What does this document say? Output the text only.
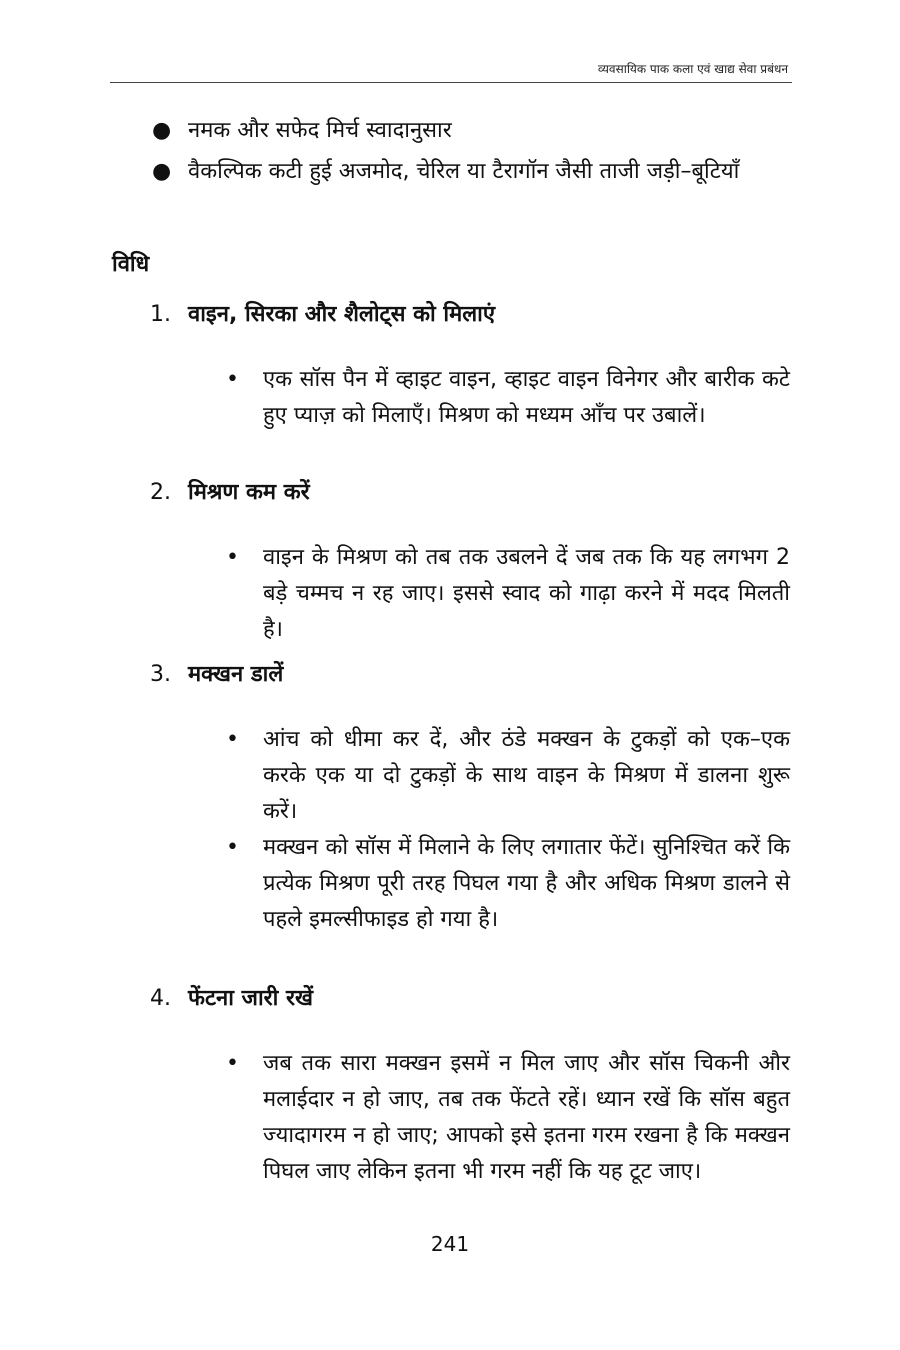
व्यवसायिक पाक कला एवं खाद्य सेवा प्रबंधन
● नमक और सफेद मिर्च स्वादानुसार
● वैकल्पिक कटी हुई अजमोद, चेरिल या टैरागॉन जैसी ताजी जड़ी–बूटियाँ
विधि
1. वाइन, सिरका और शैलोट्स को मिलाएं
• एक सॉस पैन में व्हाइट वाइन, व्हाइट वाइन विनेगर और बारीक कटे हुए प्याज़ को मिलाएँ। मिश्रण को मध्यम आँच पर उबालें।
2. मिश्रण कम करें
• वाइन के मिश्रण को तब तक उबलने दें जब तक कि यह लगभग 2 बड़े चम्मच न रह जाए। इससे स्वाद को गाढ़ा करने में मदद मिलती है।
3. मक्खन डालें
• आंच को धीमा कर दें, और ठंडे मक्खन के टुकड़ों को एक–एक करके एक या दो टुकड़ों के साथ वाइन के मिश्रण में डालना शुरू करें।
• मक्खन को सॉस में मिलाने के लिए लगातार फेंटें। सुनिश्चित करें कि प्रत्येक मिश्रण पूरी तरह पिघल गया है और अधिक मिश्रण डालने से पहले इमल्सीफाइड हो गया है।
4. फेंटना जारी रखें
• जब तक सारा मक्खन इसमें न मिल जाए और सॉस चिकनी और मलाईदार न हो जाए, तब तक फेंटते रहें। ध्यान रखें कि सॉस बहुत ज्यादागरम न हो जाए; आपको इसे इतना गरम रखना है कि मक्खन पिघल जाए लेकिन इतना भी गरम नहीं कि यह टूट जाए।
241
